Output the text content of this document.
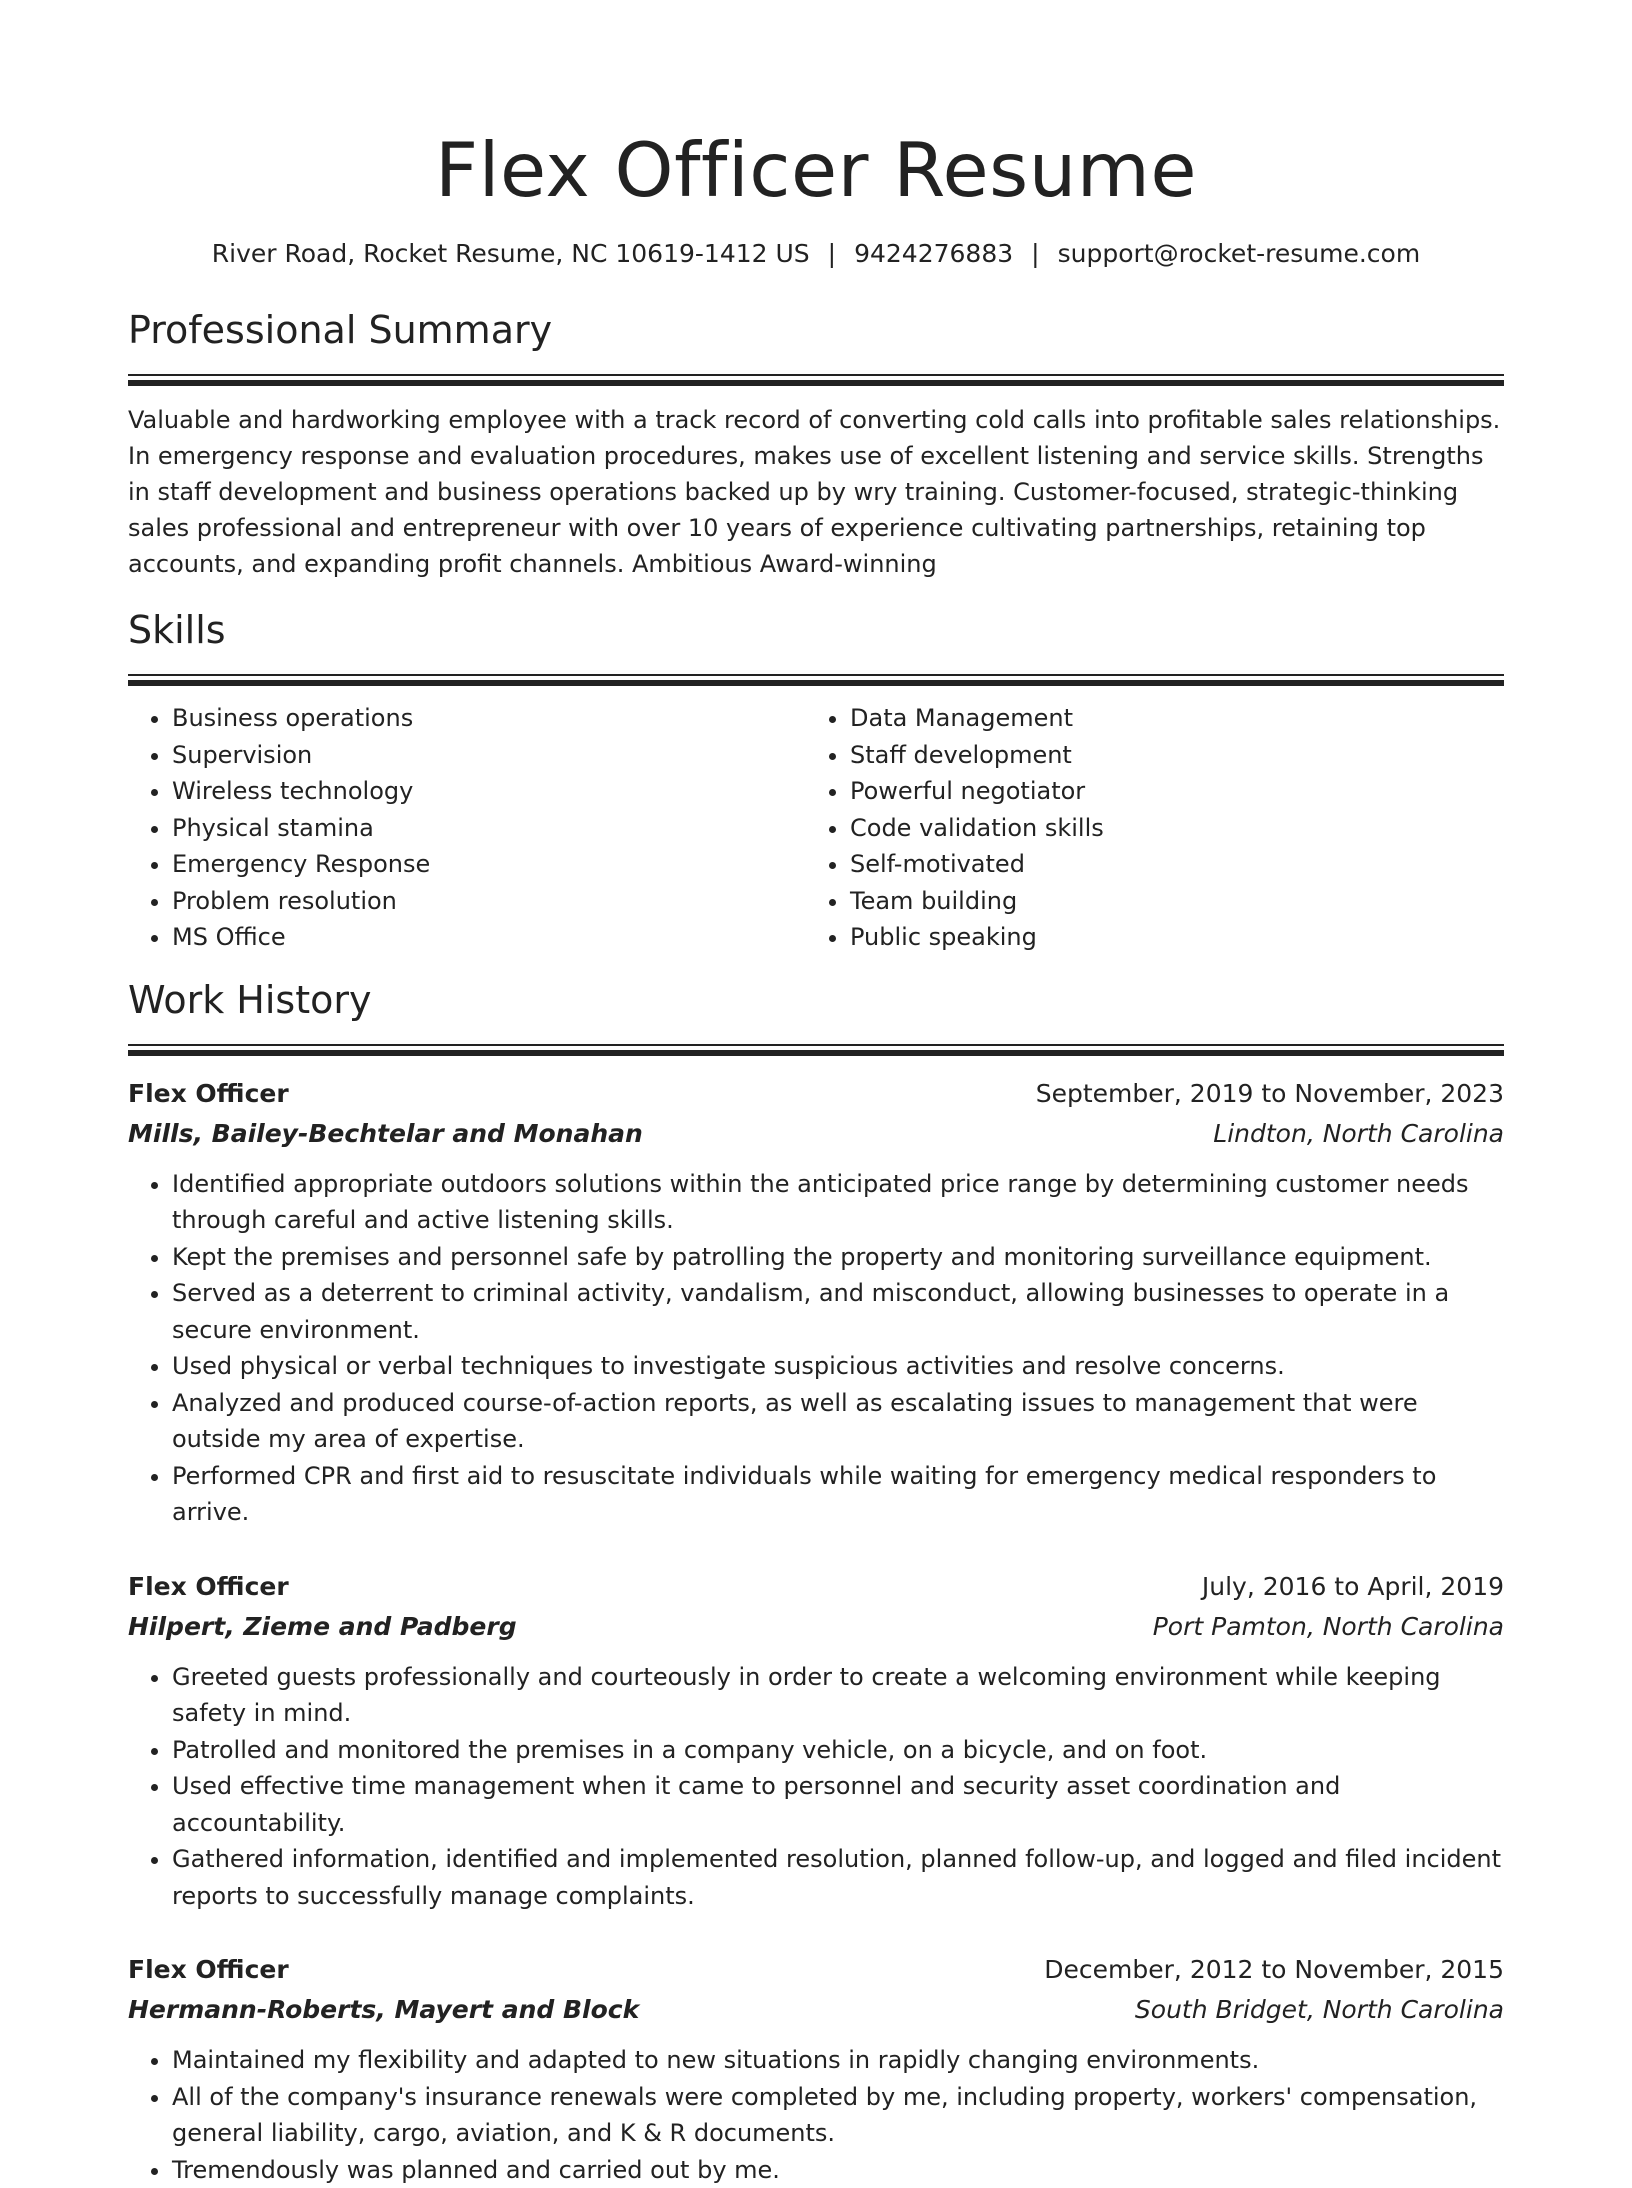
Flex Officer Resume
River Road, Rocket Resume, NC 10619-1412 US | 9424276883 | support@rocket-resume.com
Professional Summary

Valuable and hardworking employee with a track record of converting cold calls into profitable sales relationships. In emergency response and evaluation procedures, makes use of excellent listening and service skills. Strengths in staff development and business operations backed up by wry training. Customer-focused, strategic-thinking sales professional and entrepreneur with over 10 years of experience cultivating partnerships, retaining top accounts, and expanding profit channels. Ambitious Award-winning

Skills
• Business operations
• Supervision
• Wireless technology
• Physical stamina
• Emergency Response
• Problem resolution
• MS Office
• Data Management
• Staff development
• Powerful negotiator
• Code validation skills
• Self-motivated
• Team building
• Public speaking
Work History
Flex Officer	September, 2019 to November, 2023
Mills, Bailey-Bechtelar and Monahan	Lindton, North Carolina
• Identified appropriate outdoors solutions within the anticipated price range by determining customer needs through careful and active listening skills.
• Kept the premises and personnel safe by patrolling the property and monitoring surveillance equipment.
• Served as a deterrent to criminal activity, vandalism, and misconduct, allowing businesses to operate in a secure environment.
• Used physical or verbal techniques to investigate suspicious activities and resolve concerns.
• Analyzed and produced course-of-action reports, as well as escalating issues to management that were outside my area of expertise.
• Performed CPR and first aid to resuscitate individuals while waiting for emergency medical responders to arrive.
Flex Officer	July, 2016 to April, 2019
Hilpert, Zieme and Padberg	Port Pamton, North Carolina
• Greeted guests professionally and courteously in order to create a welcoming environment while keeping safety in mind.
• Patrolled and monitored the premises in a company vehicle, on a bicycle, and on foot.
• Used effective time management when it came to personnel and security asset coordination and accountability.
• Gathered information, identified and implemented resolution, planned follow-up, and logged and filed incident reports to successfully manage complaints.
Flex Officer	December, 2012 to November, 2015
Hermann-Roberts, Mayert and Block	South Bridget, North Carolina
• Maintained my flexibility and adapted to new situations in rapidly changing environments.
• All of the company's insurance renewals were completed by me, including property, workers' compensation, general liability, cargo, aviation, and K & R documents.
• Tremendously was planned and carried out by me.
